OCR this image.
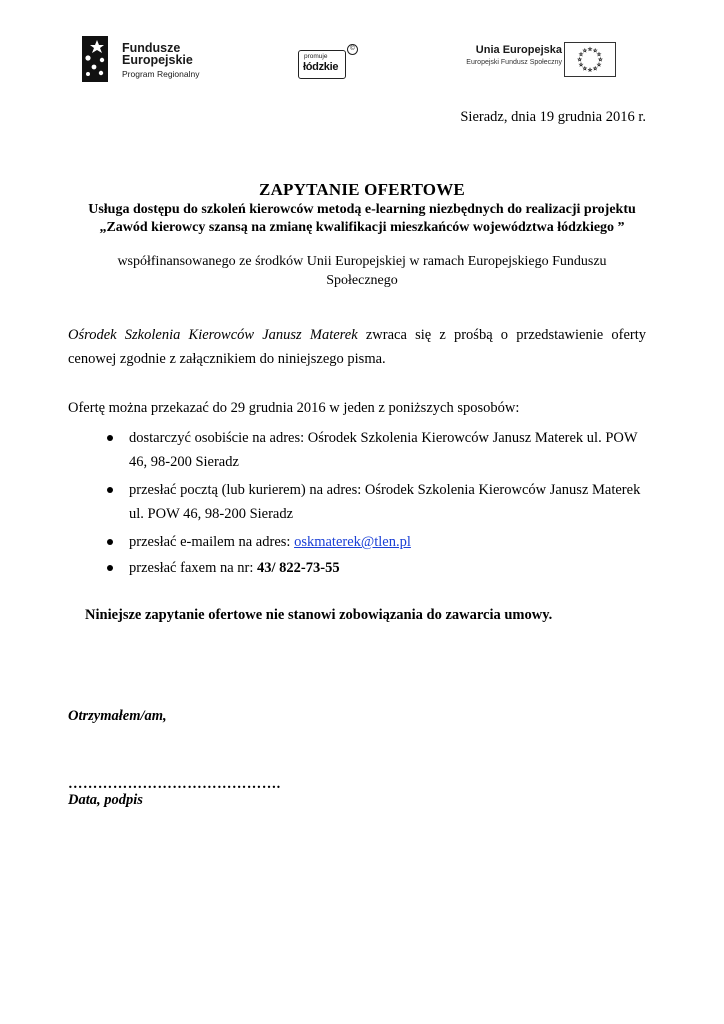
Fundusze
Europejskie
Program Regionalny
promuje
łódzkie
©	Unia Europejska
Europejski Fundusz Społeczny
Sieradz, dnia 19 grudnia 2016 r.
ZAPYTANIE OFERTOWE
Usługa dostępu do szkoleń kierowców metodą e-learning niezbędnych do realizacji projektu
„Zawód kierowcy szansą na zmianę kwalifikacji mieszkańców województwa łódzkiego ”
współfinansowanego ze środków Unii Europejskiej w ramach Europejskiego Funduszu Społecznego
Ośrodek Szkolenia Kierowców Janusz Materek zwraca się z prośbą o przedstawienie oferty cenowej zgodnie z załącznikiem do niniejszego pisma.
Ofertę można przekazać do 29 grudnia 2016 w jeden z poniższych sposobów:
dostarczyć osobiście na adres: Ośrodek Szkolenia Kierowców Janusz Materek ul. POW 46, 98-200 Sieradz
przesłać pocztą (lub kurierem) na adres: Ośrodek Szkolenia Kierowców Janusz Materek ul. POW 46, 98-200 Sieradz
przesłać e-mailem na adres: oskmaterek@tlen.pl
przesłać faxem na nr: 43/ 822-73-55
Niniejsze zapytanie ofertowe nie stanowi zobowiązania do zawarcia umowy.
Otrzymałem/am,
…………………………………….
Data, podpis
